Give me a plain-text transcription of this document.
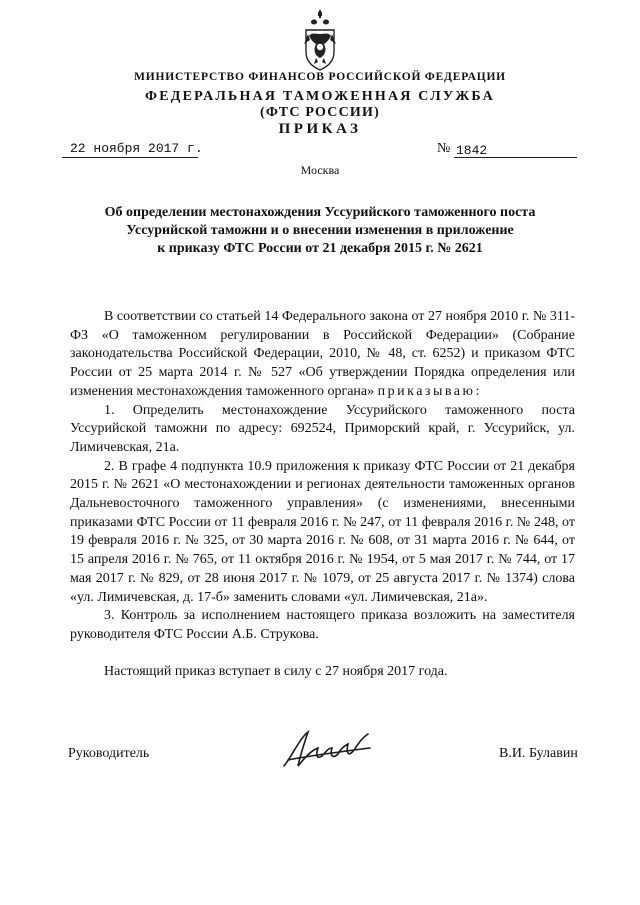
МИНИСТЕРСТВО ФИНАНСОВ РОССИЙСКОЙ ФЕДЕРАЦИИ
ФЕДЕРАЛЬНАЯ ТАМОЖЕННАЯ СЛУЖБА
(ФТС РОССИИ)
ПРИКАЗ
22 ноября 2017 г.	№ 1842
Москва
Об определении местонахождения Уссурийского таможенного поста
Уссурийской таможни и о внесении изменения в приложение
к приказу ФТС России от 21 декабря 2015 г. № 2621

В соответствии со статьей 14 Федерального закона от 27 ноября 2010 г. № 311-ФЗ «О таможенном регулировании в Российской Федерации» (Собрание законодательства Российской Федерации, 2010, № 48, ст. 6252) и приказом ФТС России от 25 марта 2014 г. № 527 «Об утверждении Порядка определения или изменения местонахождения таможенного органа» приказываю:

1. Определить местонахождение Уссурийского таможенного поста Уссурийской таможни по адресу: 692524, Приморский край, г. Уссурийск, ул. Лимичевская, 21а.

2. В графе 4 подпункта 10.9 приложения к приказу ФТС России от 21 декабря 2015 г. № 2621 «О местонахождении и регионах деятельности таможенных органов Дальневосточного таможенного управления» (с изменениями, внесенными приказами ФТС России от 11 февраля 2016 г. № 247, от 11 февраля 2016 г. № 248, от 19 февраля 2016 г. № 325, от 30 марта 2016 г. № 608, от 31 марта 2016 г. № 644, от 15 апреля 2016 г. № 765, от 11 октября 2016 г. № 1954, от 5 мая 2017 г. № 744, от 17 мая 2017 г. № 829, от 28 июня 2017 г. № 1079, от 25 августа 2017 г. № 1374) слова «ул. Лимичевская, д. 17-б» заменить словами «ул. Лимичевская, 21а».

3. Контроль за исполнением настоящего приказа возложить на заместителя руководителя ФТС России А.Б. Струкова.

Настоящий приказ вступает в силу с 27 ноября 2017 года.

Руководитель	В.И. Булавин
